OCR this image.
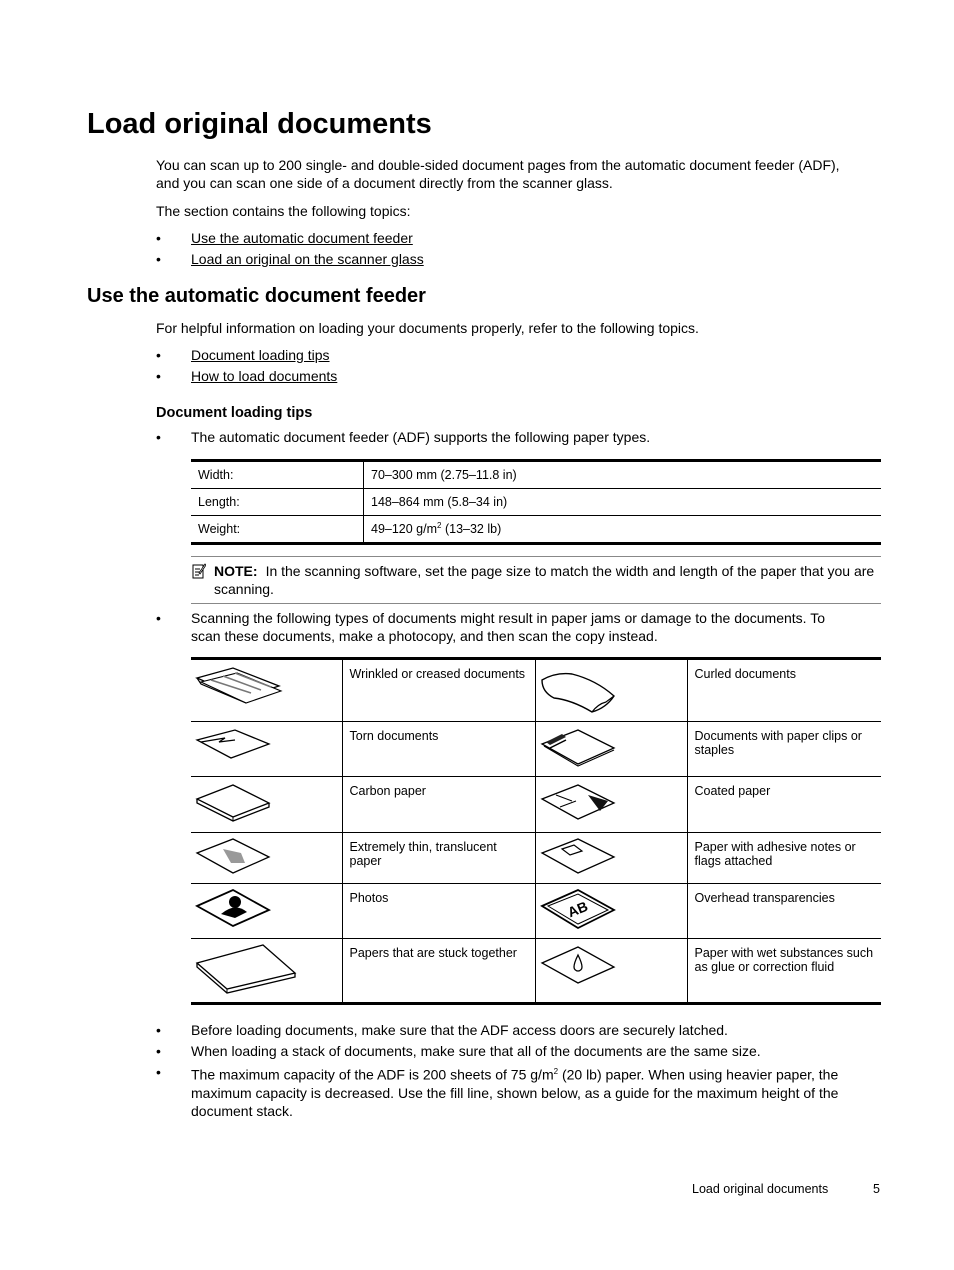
Load original documents
You can scan up to 200 single- and double-sided document pages from the automatic document feeder (ADF),
and you can scan one side of a document directly from the scanner glass.
The section contains the following topics:
• Use the automatic document feeder
• Load an original on the scanner glass
Use the automatic document feeder
For helpful information on loading your documents properly, refer to the following topics.
• Document loading tips
• How to load documents
Document loading tips
• The automatic document feeder (ADF) supports the following paper types.
Width:	70–300 mm (2.75–11.8 in)
Length:	148–864 mm (5.8–34 in)
Weight:	49–120 $g/m^2$ (13–32 lb)
NOTE: In the scanning software, set the page size to match the width and length of the paper that you are scanning.
• Scanning the following types of documents might result in paper jams or damage to the documents. To
scan these documents, make a photocopy, and then scan the copy instead.
	Wrinkled or creased documents		Curled documents

	Torn documents		Documents with paper clips or staples

	Carbon paper		Coated paper

	Extremely thin, translucent paper		Paper with adhesive notes or flags attached

	Photos	AB	Overhead transparencies

	Papers that are stuck together		Paper with wet substances such as glue or correction fluid
• Before loading documents, make sure that the ADF access doors are securely latched.
• When loading a stack of documents, make sure that all of the documents are the same size.
• The maximum capacity of the ADF is 200 sheets of 75 $g/m^2$ (20 lb) paper. When using heavier paper, the
maximum capacity is decreased. Use the fill line, shown below, as a guide for the maximum height of the
document stack.
Load original documents	5
